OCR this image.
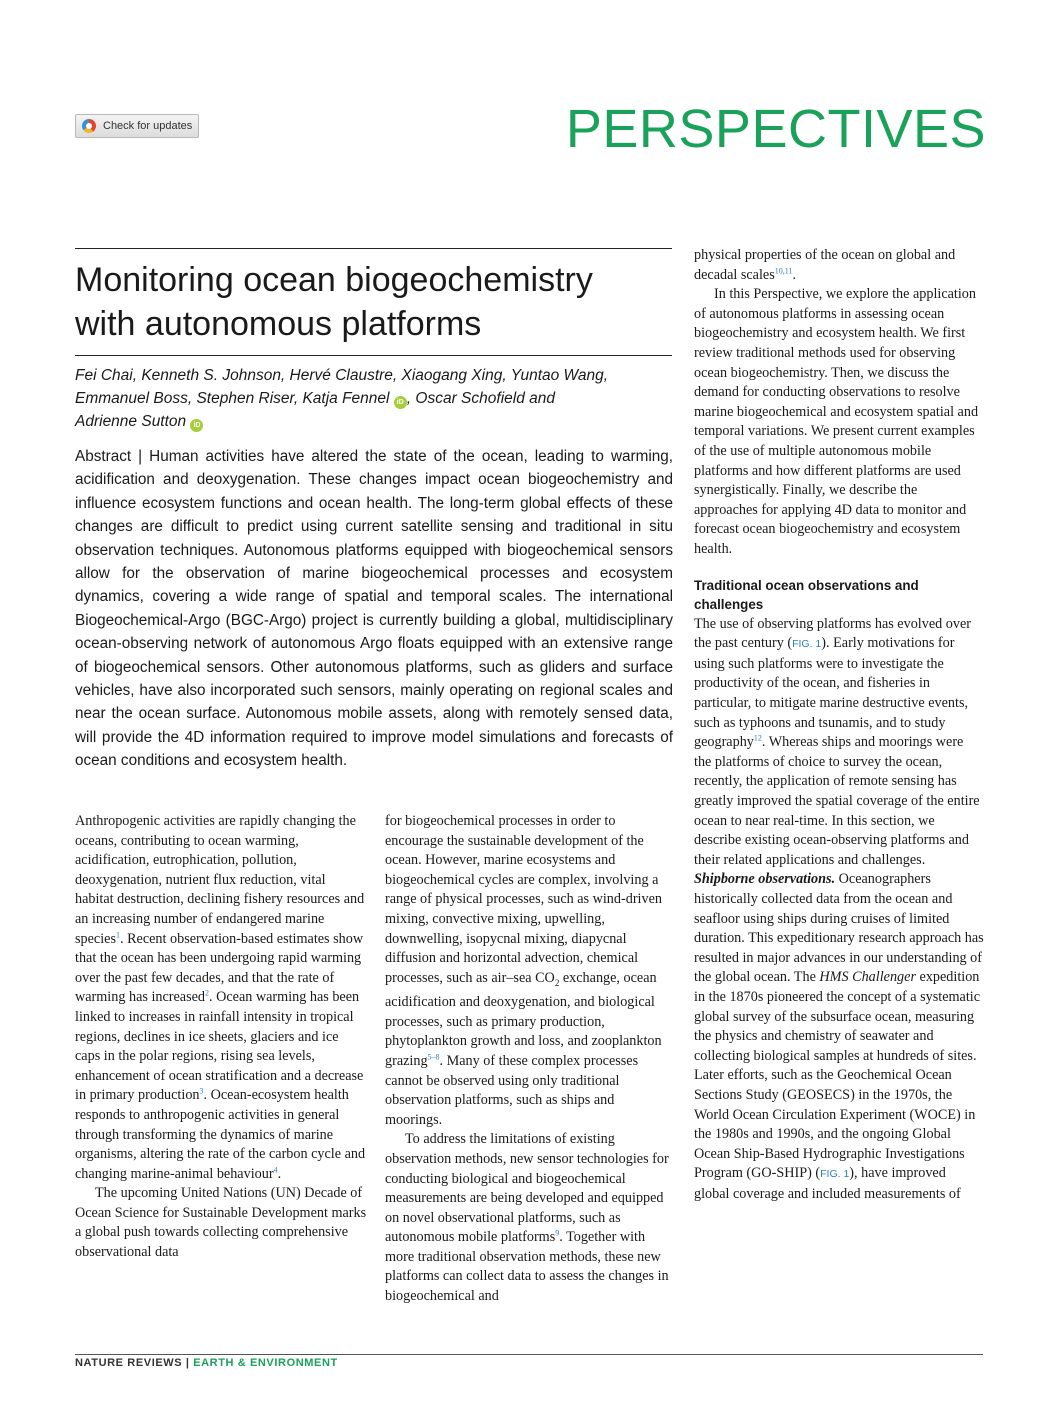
Check for updates	PERSPECTIVES
Monitoring ocean biogeochemistry
with autonomous platforms
Fei Chai, Kenneth S. Johnson, Hervé Claustre, Xiaogang Xing, Yuntao Wang, Emmanuel Boss, Stephen Riser, Katja Fennel iD , Oscar Schofield and
Adrienne Sutton iD

Abstract | Human activities have altered the state of the ocean, leading to warming, acidification and deoxygenation. These changes impact ocean biogeochemistry and influence ecosystem functions and ocean health. The long-term global effects of these changes are difficult to predict using current satellite sensing and traditional in situ observation techniques. Autonomous platforms equipped with biogeochemical sensors allow for the observation of marine biogeochemical processes and ecosystem dynamics, covering a wide range of spatial and temporal scales. The international Biogeochemical-Argo (BGC-Argo) project is currently building a global, multidisciplinary ocean-observing network of autonomous Argo floats equipped with an extensive range of biogeochemical sensors. Other autonomous platforms, such as gliders and surface vehicles, have also incorporated such sensors, mainly operating on regional scales and near the ocean surface. Autonomous mobile assets, along with remotely sensed data, will provide the 4D information required to improve model simulations and forecasts of ocean conditions and ecosystem health.

Anthropogenic activities are rapidly changing the oceans, contributing to ocean warming, acidification, eutrophication, pollution, deoxygenation, nutrient flux reduction, vital habitat destruction, declining fishery resources and an increasing number of endangered marine species$^1$. Recent observation-based estimates show that the ocean has been undergoing rapid warming over the past few decades, and that the rate of warming has increased$^2$. Ocean warming has been linked to increases in rainfall intensity in tropical regions, declines in ice sheets, glaciers and ice caps in the polar regions, rising sea levels, enhancement of ocean stratification and a decrease in primary production$^3$. Ocean-ecosystem health responds to anthropogenic activities in general through transforming the dynamics of marine organisms, altering the rate of the carbon cycle and changing marine-animal behaviour$^4$.

The upcoming United Nations (UN) Decade of Ocean Science for Sustainable Development marks a global push towards collecting comprehensive observational data

for biogeochemical processes in order to encourage the sustainable development of the ocean. However, marine ecosystems and biogeochemical cycles are complex, involving a range of physical processes, such as wind-driven mixing, convective mixing, upwelling, downwelling, isopycnal mixing, diapycnal diffusion and horizontal advection, chemical processes, such as air–sea $CO_2$ exchange, ocean acidification and deoxygenation, and biological processes, such as primary production, phytoplankton growth and loss, and zooplankton grazing$^{5-8}$. Many of these complex processes cannot be observed using only traditional observation platforms, such as ships and moorings.

To address the limitations of existing observation methods, new sensor technologies for conducting biological and biogeochemical measurements are being developed and equipped on novel observational platforms, such as autonomous mobile platforms$^9$. Together with more traditional observation methods, these new platforms can collect data to assess the changes in biogeochemical and

physical properties of the ocean on global and decadal scales$^{10,11}$.

In this Perspective, we explore the application of autonomous platforms in assessing ocean biogeochemistry and ecosystem health. We first review traditional methods used for observing ocean biogeochemistry. Then, we discuss the demand for conducting observations to resolve marine biogeochemical and ecosystem spatial and temporal variations. We present current examples of the use of multiple autonomous mobile platforms and how different platforms are used synergistically. Finally, we describe the approaches for applying 4D data to monitor and forecast ocean biogeochemistry and ecosystem health.

Traditional ocean observations and challenges

The use of observing platforms has evolved over the past century (FIG. 1). Early motivations for using such platforms were to investigate the productivity of the ocean, and fisheries in particular, to mitigate marine destructive events, such as typhoons and tsunamis, and to study geography$^{12}$. Whereas ships and moorings were the platforms of choice to survey the ocean, recently, the application of remote sensing has greatly improved the spatial coverage of the entire ocean to near real-time. In this section, we describe existing ocean-observing platforms and their related applications and challenges.

Shipborne observations. Oceanographers historically collected data from the ocean and seafloor using ships during cruises of limited duration. This expeditionary research approach has resulted in major advances in our understanding of the global ocean. The HMS Challenger expedition in the 1870s pioneered the concept of a systematic global survey of the subsurface ocean, measuring the physics and chemistry of seawater and collecting biological samples at hundreds of sites. Later efforts, such as the Geochemical Ocean Sections Study (GEOSECS) in the 1970s, the World Ocean Circulation Experiment (WOCE) in the 1980s and 1990s, and the ongoing Global Ocean Ship-Based Hydrographic Investigations Program (GO-SHIP) (FIG. 1), have improved global coverage and included measurements of

NATURE REVIEWS | EARTH & ENVIRONMENT
